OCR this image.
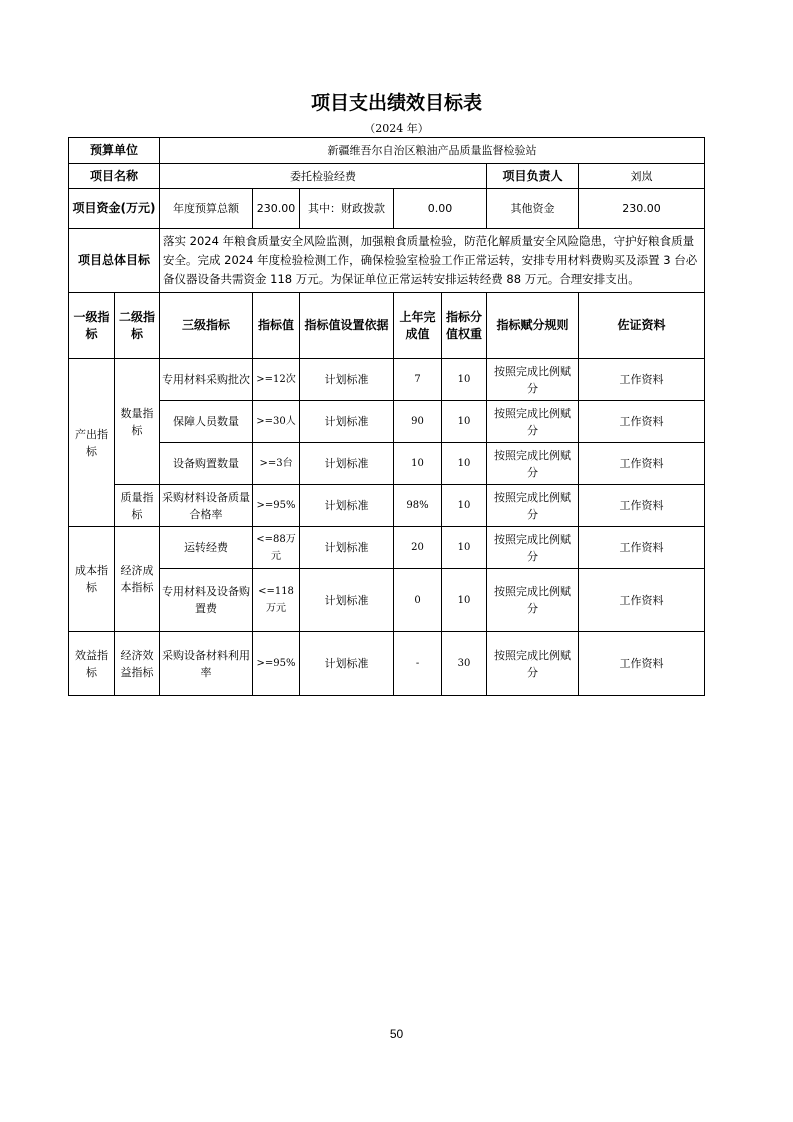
项目支出绩效目标表
（2024 年）
预算单位		新疆维吾尔自治区粮油产品质量监督检验站						
项目名称		委托检验经费					项目负责人	刘岚
项目资金(万元)		年度预算总额	230.00	其中：财政拨款	0.00		其他资金	230.00
项目总体目标		落实 2024 年粮食质量安全风险监测，加强粮食质量检验，防范化解质量安全风险隐患，守护好粮食质量安全。完成 2024 年度检验检测工作，确保检验室检验工作正常运转，安排专用材料费购买及添置 3 台必备仪器设备共需资金 118 万元。为保证单位正常运转安排运转经费 88 万元。合理安排支出。						
一级指标	二级指标	三级指标	指标值	指标值设置依据	上年完成值	指标分值权重	指标赋分规则	佐证资料
产出指标	数量指标	专用材料采购批次	>=12次	计划标准	7	10	按照完成比例赋分	工作资料
		保障人员数量	>=30人	计划标准	90	10	按照完成比例赋分	工作资料
		设备购置数量	>=3台	计划标准	10	10	按照完成比例赋分	工作资料
	质量指标	采购材料设备质量合格率	>=95%	计划标准	98%	10	按照完成比例赋分	工作资料
成本指标	经济成本指标	运转经费	<=88万元	计划标准	20	10	按照完成比例赋分	工作资料
		专用材料及设备购置费	<=118万元	计划标准	0	10	按照完成比例赋分	工作资料
效益指标	经济效益指标	采购设备材料利用率	>=95%	计划标准	-	30	按照完成比例赋分	工作资料
50
